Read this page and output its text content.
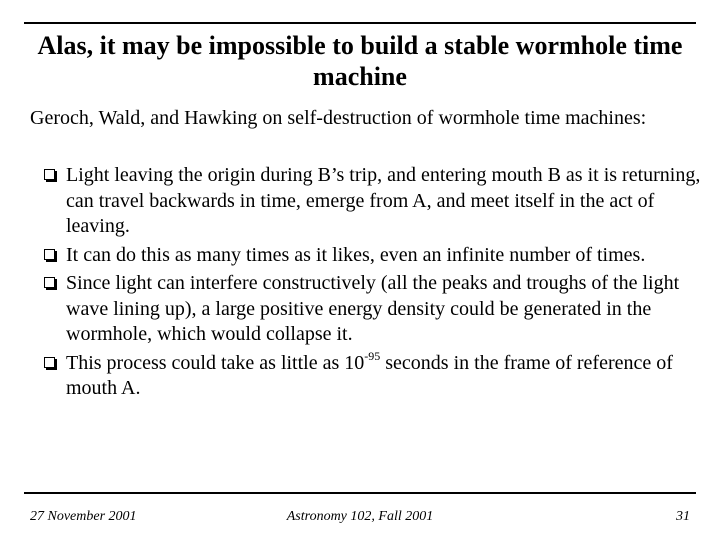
Alas, it may be impossible to build a stable wormhole time machine
Geroch, Wald, and Hawking on self-destruction of wormhole time machines:
Light leaving the origin during B’s trip, and entering mouth B as it is returning, can travel backwards in time, emerge from A, and meet itself in the act of leaving.
It can do this as many times as it likes, even an infinite number of times.
Since light can interfere constructively (all the peaks and troughs of the light wave lining up), a large positive energy density could be generated in the wormhole, which would collapse it.
This process could take as little as $10^{-95}$ seconds in the frame of reference of mouth A.
27 November 2001	Astronomy 102, Fall 2001	31
